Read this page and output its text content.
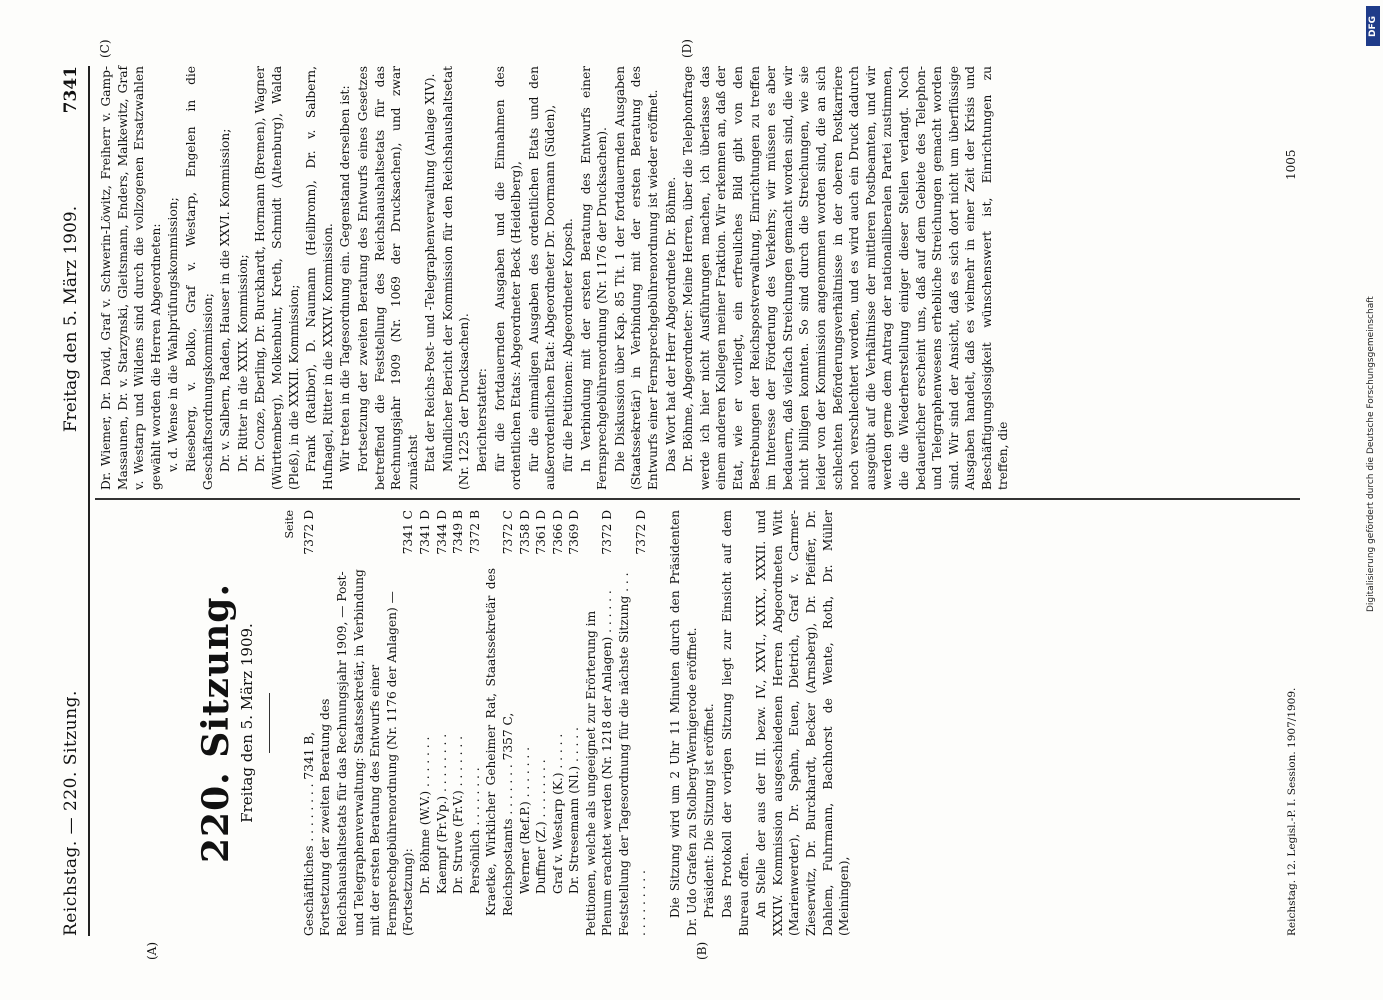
Reichstag. — 220. Sitzung.
Freitag den 5. März 1909.
7341
(A)	(B)
(C)	(D)
220. Sitzung. Freitag den 5. März 1909.
Seite
Geschäftliches . . . . . . . . 7341 B,	7372 D
Fortsetzung der zweiten Beratung des Reichshaushaltsetats für das Rechnungsjahr 1909, — Post- und Telegraphenverwaltung: Staatssekretär, in Verbindung mit der ersten Beratung des Entwurfs einer Fernsprechgebührenordnung (Nr. 1176 der Anlagen) — (Fortsetzung):	7341 C
Dr. Böhme (W.V.) . . . . . . .	7341 D
Kaempf (Fr.Vp.) . . . . . . . .	7344 D
Dr. Struve (Fr.V.) . . . . . . .	7349 B
Persönlich . . . . . . . .	7372 B
Kraetke, Wirklicher Geheimer Rat, Staatssekretär des Reichspostamts . . . . . . . 7357 C,	7372 C
Werner (Ref.P.) . . . . . . .	7358 D
Duffner (Z.) . . . . . . . .	7361 D
Graf v. Westarp (K.) . . . . .	7366 D
Dr. Stresemann (Nl.) . . . . .	7369 D
Petitionen, welche als ungeeignet zur Erörterung im Plenum erachtet werden (Nr. 1218 der Anlagen) . . . . . .	7372 D
Feststellung der Tagesordnung für die nächste Sitzung . . . . . . . . . . . .	7372 D Die Sitzung wird um 2 Uhr 11 Minuten durch den Präsidenten Dr. Udo Grafen zu Stolberg-Wernigerode eröffnet. Präsident: Die Sitzung ist eröffnet. Das Protokoll der vorigen Sitzung liegt zur Einsicht auf dem Bureau offen. An Stelle der aus der III. bezw. IV., XXVI., XXIX., XXXII. und XXXIV. Kommission ausgeschiedenen Herren Abgeordneten Witt (Marienwerder), Dr. Spahn, Euen, Dietrich, Graf v. Carmer-Zieserwitz, Dr. Burckhardt, Becker (Arnsberg), Dr. Pfeiffer, Dr. Dahlem, Fuhrmann, Bachhorst de Wente, Roth, Dr. Müller (Meiningen),

Dr. Wiemer, Dr. David, Graf v. Schwerin-Löwitz, Freiherr v. Gamp-Massaunen, Dr. v. Starzynski, Gleitsmann, Enders, Malkewitz, Graf v. Westarp und Wildens sind durch die vollzogenen Ersatzwahlen gewählt worden die Herren Abgeordneten: v. d. Wense in die Wahlprüfungskommission; Rieseberg, v. Bolko, Graf v. Westarp, Engelen in die Geschäftsordnungskommission; Dr. v. Salbern, Raden, Hauser in die XXVI. Kommission; Dr. Ritter in die XXIX. Kommission; Dr. Conze, Eberling, Dr. Burckhardt, Hormann (Bremen), Wagner (Württemberg), Molkenbuhr, Kreth, Schmidt (Altenburg), Walda (Pleß), in die XXXII. Kommission; Frank (Ratibor), D. Naumann (Heilbronn), Dr. v. Salbern, Hufnagel, Ritter in die XXXIV. Kommission. Wir treten in die Tagesordnung ein. Gegenstand derselben ist: Fortsetzung der zweiten Beratung des Entwurfs eines Gesetzes betreffend die Feststellung des Reichshaushaltsetats für das Rechnungsjahr 1909 (Nr. 1069 der Drucksachen), und zwar zunächst Etat der Reichs-Post- und -Telegraphenverwaltung (Anlage XIV). Mündlicher Bericht der Kommission für den Reichshaushaltsetat (Nr. 1225 der Drucksachen). Berichterstatter: für die fortdauernden Ausgaben und die Einnahmen des ordentlichen Etats: Abgeordneter Beck (Heidelberg), für die einmaligen Ausgaben des ordentlichen Etats und den außerordentlichen Etat: Abgeordneter Dr. Doormann (Süden), für die Petitionen: Abgeordneter Kopsch. In Verbindung mit der ersten Beratung des Entwurfs einer Fernsprechgebührenordnung (Nr. 1176 der Drucksachen). Die Diskussion über Kap. 85 Tit. 1 der fortdauernden Ausgaben (Staatssekretär) in Verbindung mit der ersten Beratung des Entwurfs einer Fernsprechgebührenordnung ist wieder eröffnet. Das Wort hat der Herr Abgeordnete Dr. Böhme. Dr. Böhme, Abgeordneter: Meine Herren, über die Telephonfrage werde ich hier nicht Ausführungen machen, ich überlasse das einem anderen Kollegen meiner Fraktion. Wir erkennen an, daß der Etat, wie er vorliegt, ein erfreuliches Bild gibt von den Bestrebungen der Reichspostverwaltung, Einrichtungen zu treffen im Interesse der Förderung des Verkehrs; wir müssen es aber bedauern, daß vielfach Streichungen gemacht worden sind, die wir nicht billigen konnten. So sind durch die Streichungen, wie sie leider von der Kommission angenommen worden sind, die an sich schlechten Beförderungsverhältnisse in der oberen Postkarriere noch verschlechtert worden, und es wird auch ein Druck dadurch ausgeübt auf die Verhältnisse der mittleren Postbeamten, und wir werden gerne dem Antrag der nationalliberalen Partei zustimmen, die die Wiederherstellung einiger dieser Stellen verlangt. Noch bedauerlicher erscheint uns, daß auf dem Gebiete des Telephon- und Telegraphenwesens erhebliche Streichungen gemacht worden sind. Wir sind der Ansicht, daß es sich dort nicht um überflüssige Ausgaben handelt, daß es vielmehr in einer Zeit der Krisis und Beschäftigungslosigkeit wünschenswert ist, Einrichtungen zu treffen, die

Reichstag. 12. Legisl.-P. I. Session. 1907/1909.
1005
DFG
Digitalisierung gefördert durch die Deutsche Forschungsgemeinschaft
